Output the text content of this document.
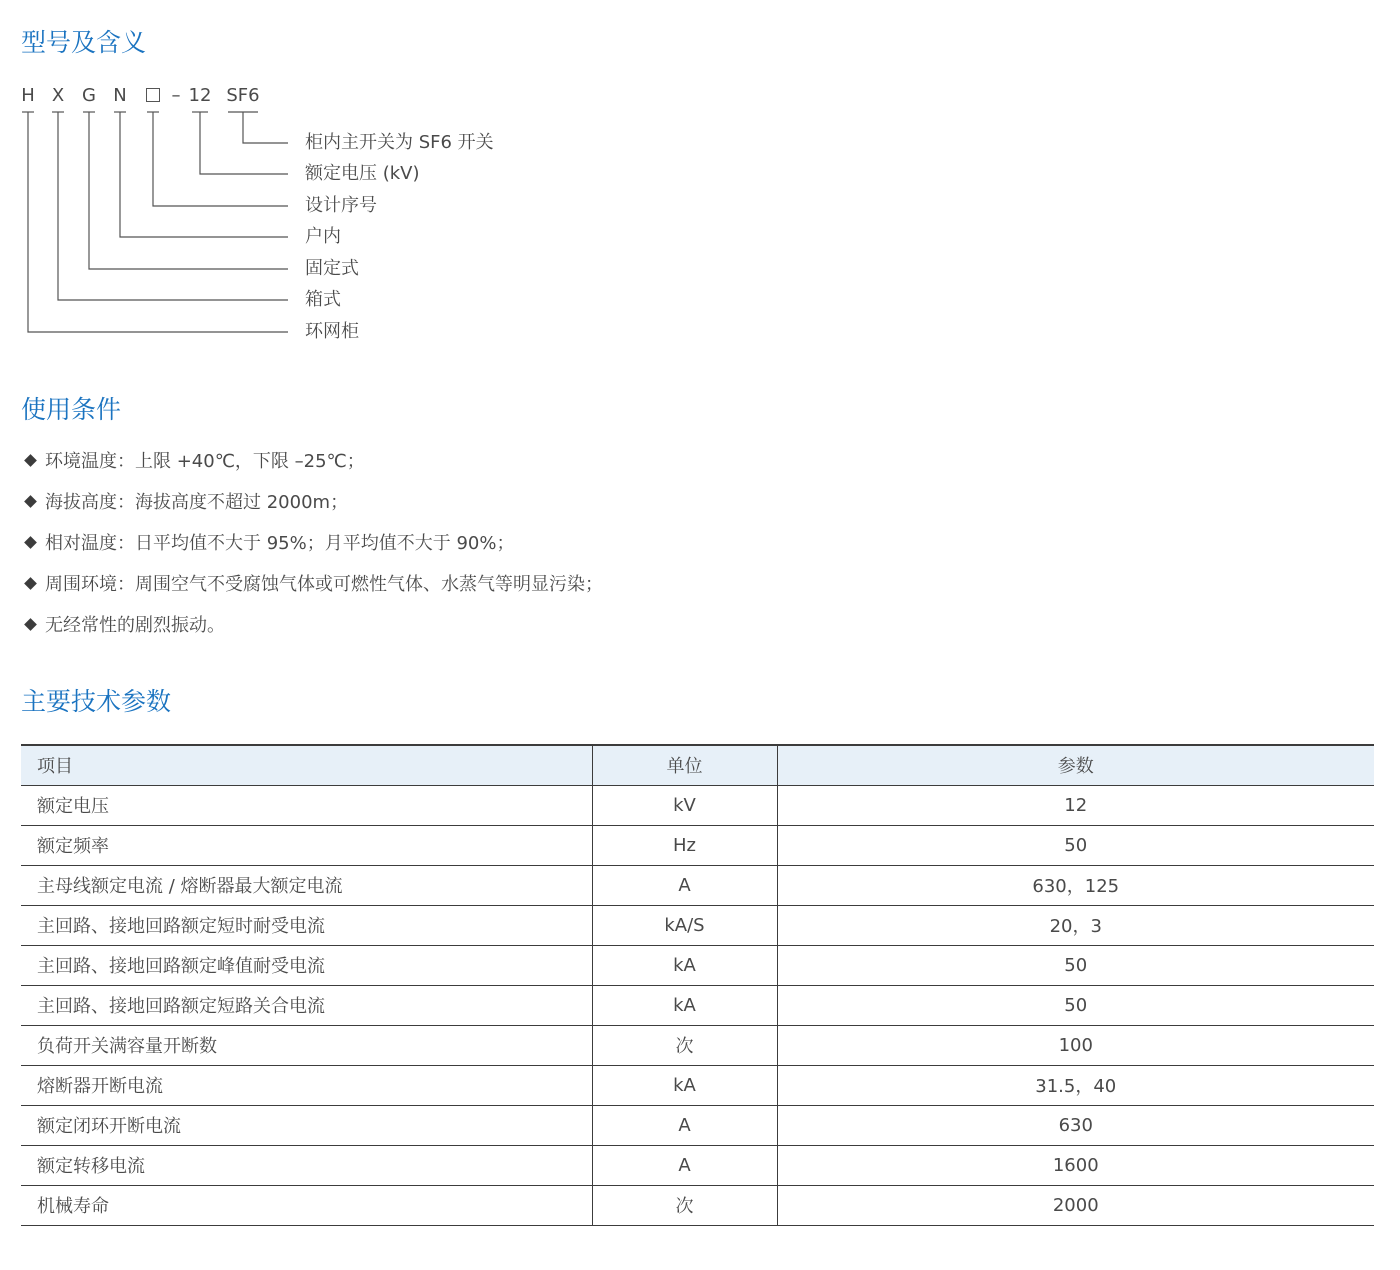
型号及含义
H X G N – 12 SF6
柜内主开关为 SF6 开关
额定电压 (kV)
设计序号
户内
固定式
箱式
环网柜
使用条件
环境温度：上限 +40℃，下限 –25℃；
海拔高度：海拔高度不超过 2000m；
相对温度：日平均值不大于 95%；月平均值不大于 90%；
周围环境：周围空气不受腐蚀气体或可燃性气体、水蒸气等明显污染；
无经常性的剧烈振动。
主要技术参数
项目	单位	参数
额定电压	kV	12
额定频率	Hz	50
主母线额定电流 / 熔断器最大额定电流	A	630，125
主回路、接地回路额定短时耐受电流	kA/S	20，3
主回路、接地回路额定峰值耐受电流	kA	50
主回路、接地回路额定短路关合电流	kA	50
负荷开关满容量开断数	次	100
熔断器开断电流	kA	31.5，40
额定闭环开断电流	A	630
额定转移电流	A	1600
机械寿命	次	2000
